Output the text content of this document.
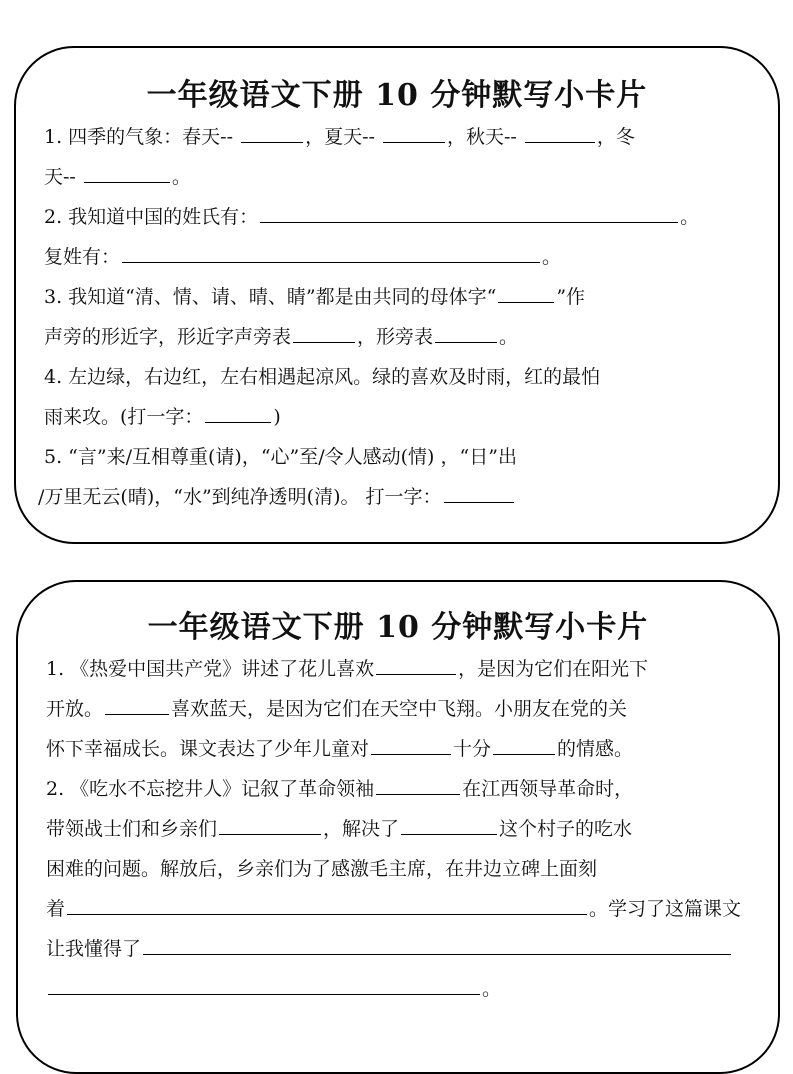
一年级语文下册 10 分钟默写小卡片
1. 四季的气象：春天--	，夏天--	，秋天--	，冬
天--	。
2. 我知道中国的姓氏有：	。
复姓有：	。
3. 我知道“清、情、请、晴、睛”都是由共同的母体字“	”作
声旁的形近字，形近字声旁表	，形旁表	。
4. 左边绿，右边红，左右相遇起凉风。绿的喜欢及时雨，红的最怕
雨来攻。(打一字：	)
5. “言”来/互相尊重(请)，“心”至/令人感动(情) ，“日”出
/万里无云(晴)，“水”到纯净透明(清)。 打一字：
一年级语文下册 10 分钟默写小卡片
1. 《热爱中国共产党》讲述了花儿喜欢	，是因为它们在阳光下
开放。	喜欢蓝天，是因为它们在天空中飞翔。小朋友在党的关
怀下幸福成长。课文表达了少年儿童对	十分	的情感。
2. 《吃水不忘挖井人》记叙了革命领袖	在江西领导革命时，
带领战士们和乡亲们	，解决了	这个村子的吃水
困难的问题。解放后，乡亲们为了感激毛主席，在井边立碑上面刻
着	。学习了这篇课文
让我懂得了
。
